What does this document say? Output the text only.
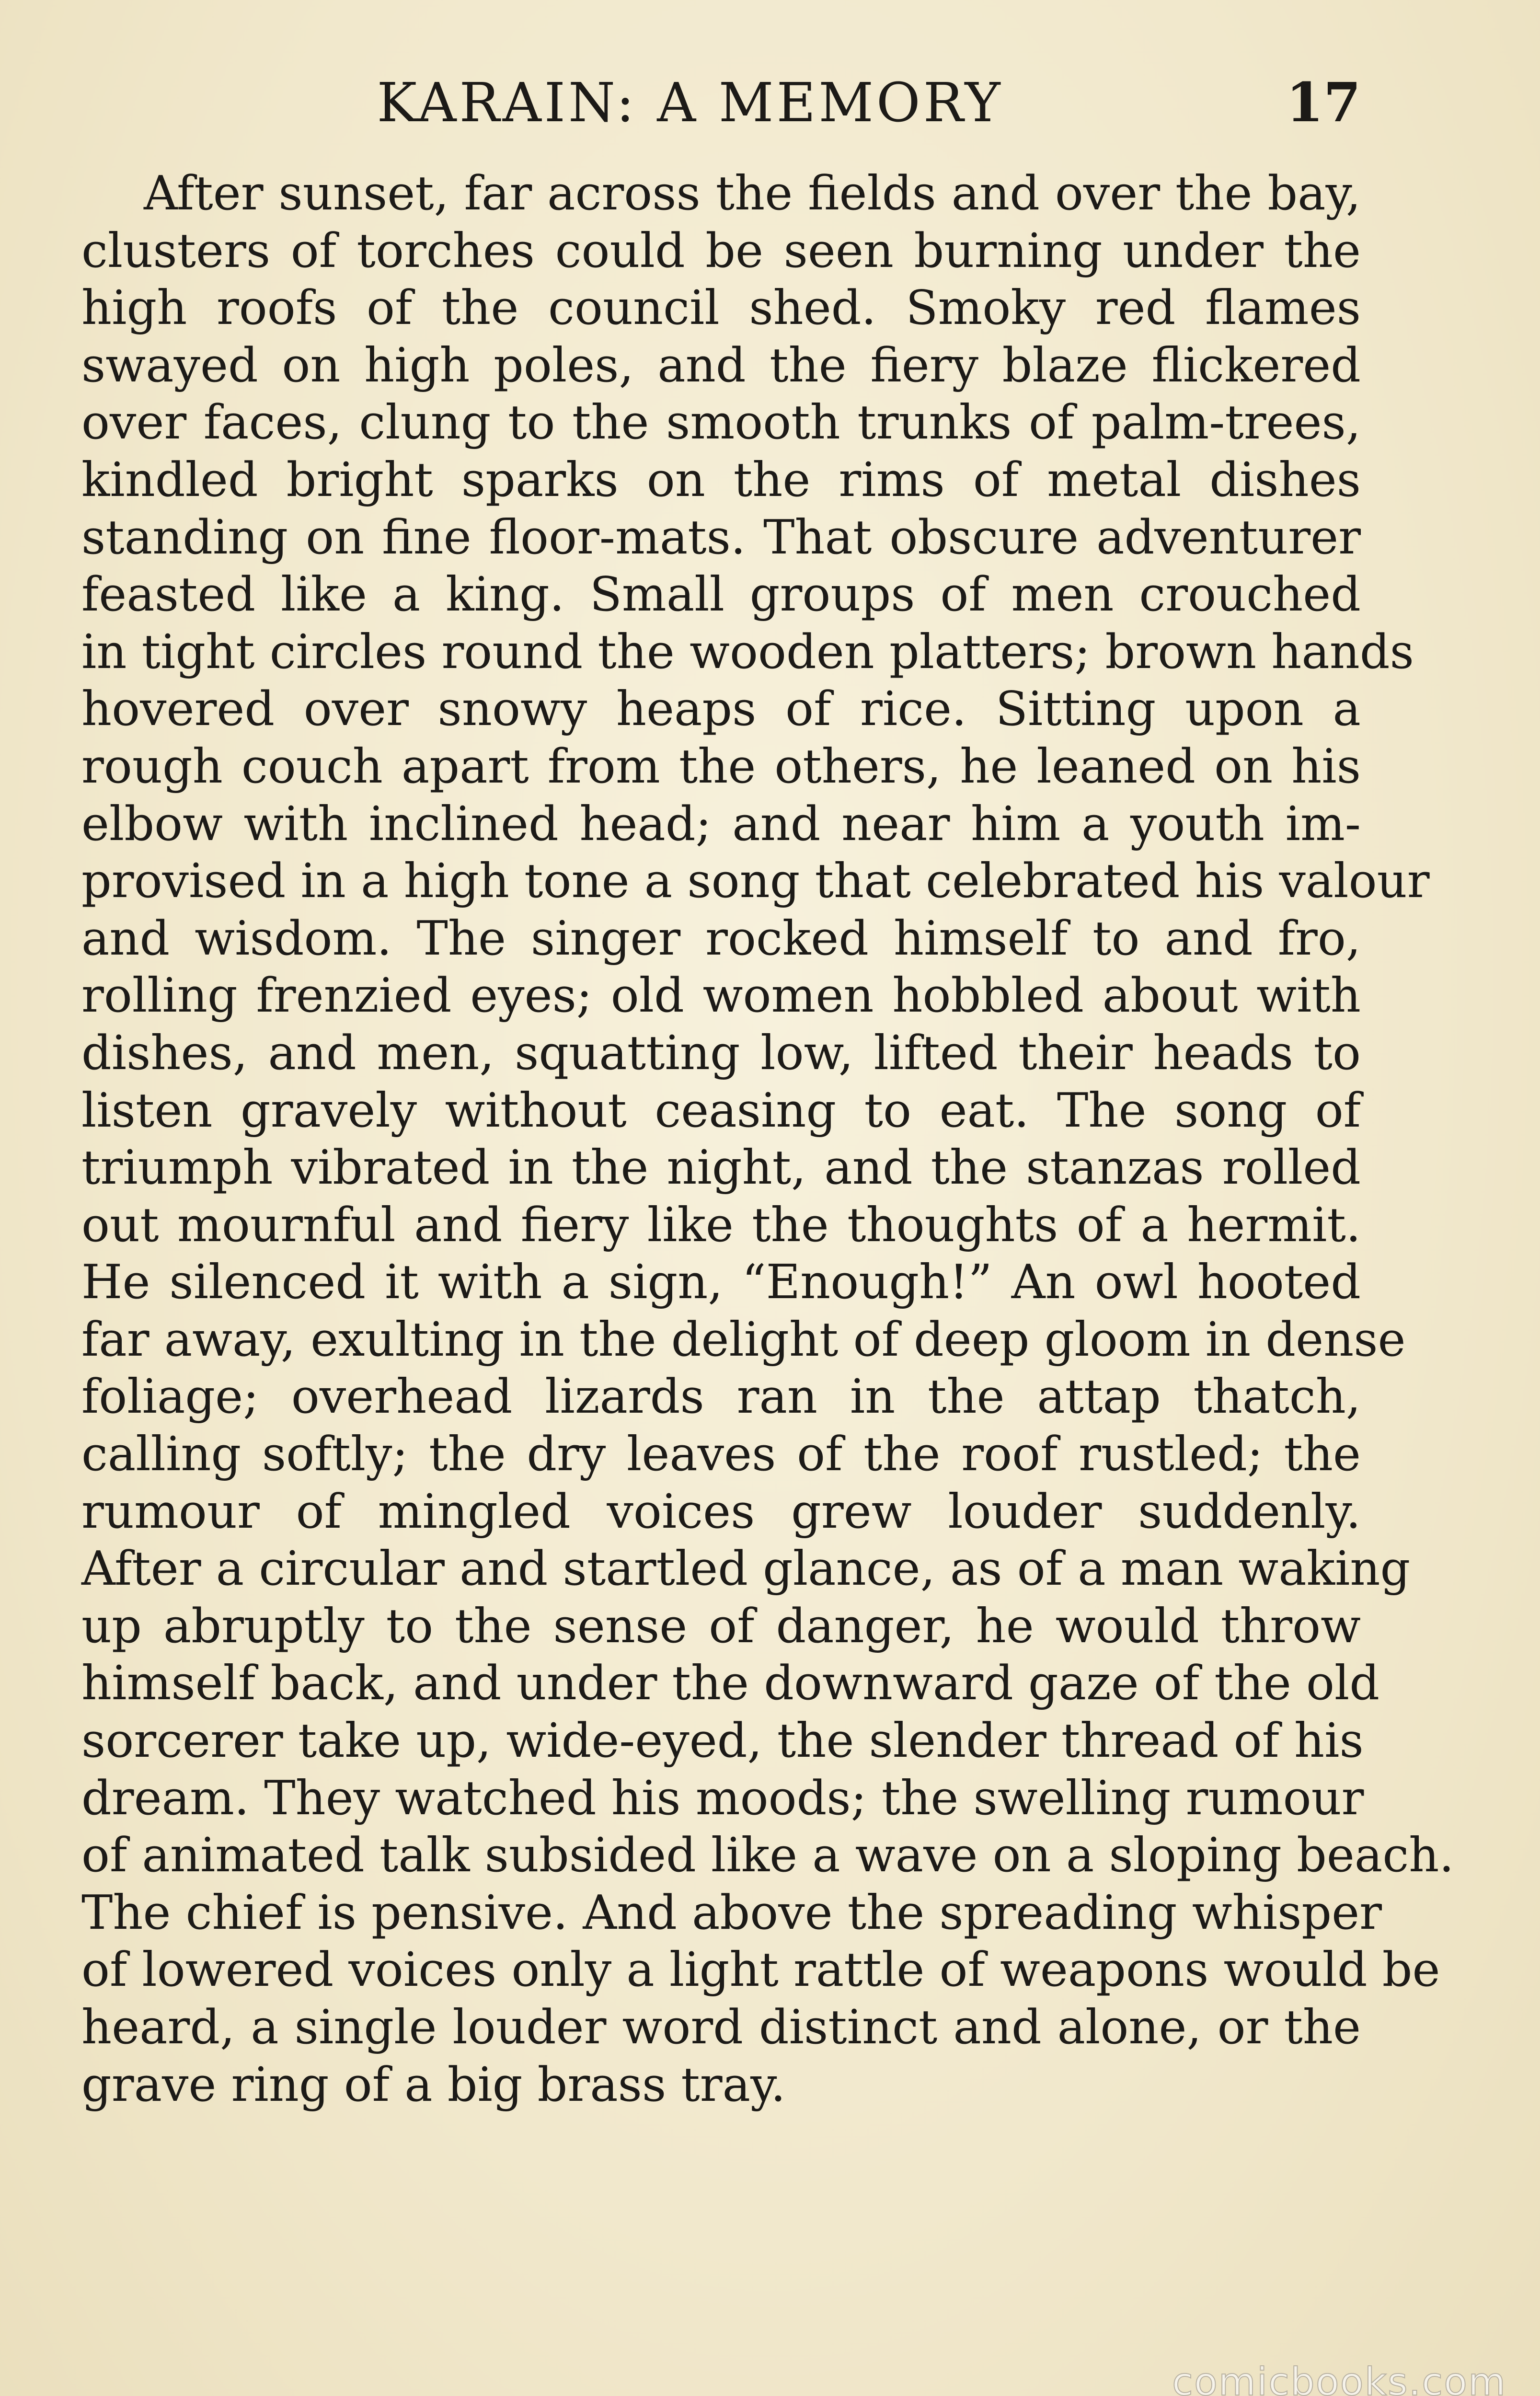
KARAIN: A MEMORY	17
After sunset, far across the fields and over the bay,
clusters of torches could be seen burning under the
high roofs of the council shed. Smoky red flames
swayed on high poles, and the fiery blaze flickered
over faces, clung to the smooth trunks of palm-trees,
kindled bright sparks on the rims of metal dishes
standing on fine floor-mats. That obscure adventurer
feasted like a king. Small groups of men crouched
in tight circles round the wooden platters; brown hands
hovered over snowy heaps of rice. Sitting upon a
rough couch apart from the others, he leaned on his
elbow with inclined head; and near him a youth im-
provised in a high tone a song that celebrated his valour
and wisdom. The singer rocked himself to and fro,
rolling frenzied eyes; old women hobbled about with
dishes, and men, squatting low, lifted their heads to
listen gravely without ceasing to eat. The song of
triumph vibrated in the night, and the stanzas rolled
out mournful and fiery like the thoughts of a hermit.
He silenced it with a sign, “Enough!” An owl hooted
far away, exulting in the delight of deep gloom in dense
foliage; overhead lizards ran in the attap thatch,
calling softly; the dry leaves of the roof rustled; the
rumour of mingled voices grew louder suddenly.
After a circular and startled glance, as of a man waking
up abruptly to the sense of danger, he would throw
himself back, and under the downward gaze of the old
sorcerer take up, wide-eyed, the slender thread of his
dream. They watched his moods; the swelling rumour
of animated talk subsided like a wave on a sloping beach.
The chief is pensive. And above the spreading whisper
of lowered voices only a light rattle of weapons would be
heard, a single louder word distinct and alone, or the
grave ring of a big brass tray.
comicbooks.com
